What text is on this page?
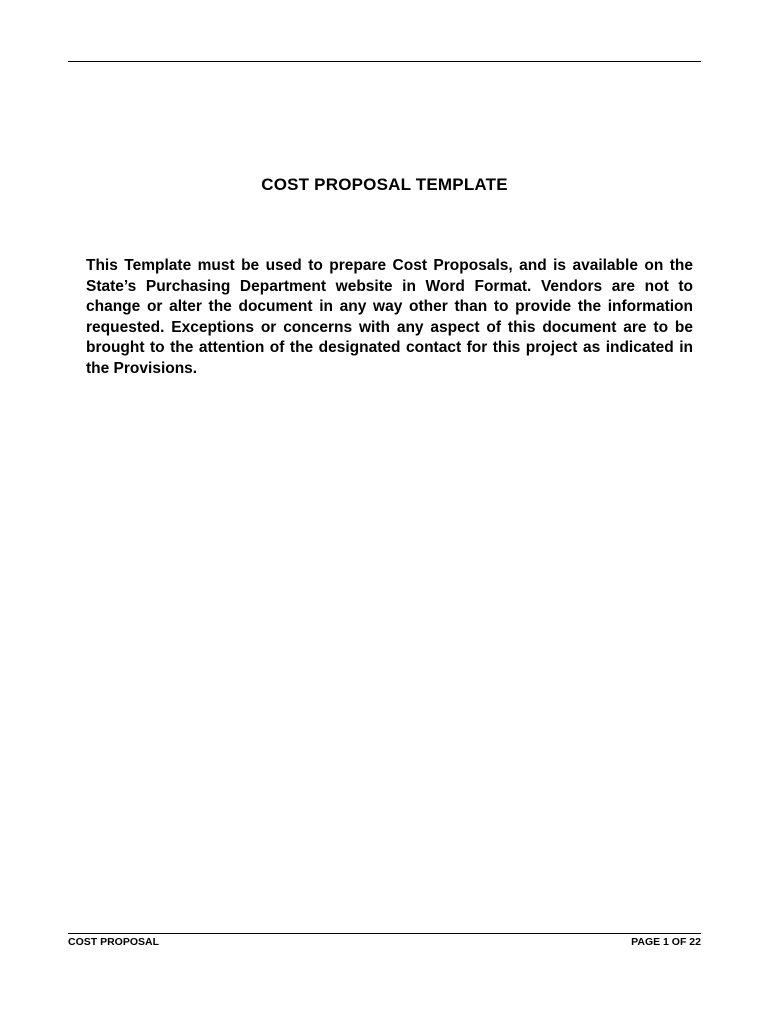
COST PROPOSAL TEMPLATE

This Template must be used to prepare Cost Proposals, and is available on the State’s Purchasing Department website in Word Format. Vendors are not to change or alter the document in any way other than to provide the information requested. Exceptions or concerns with any aspect of this document are to be brought to the attention of the designated contact for this project as indicated in the Provisions.

COST PROPOSAL	PAGE 1 OF 22
